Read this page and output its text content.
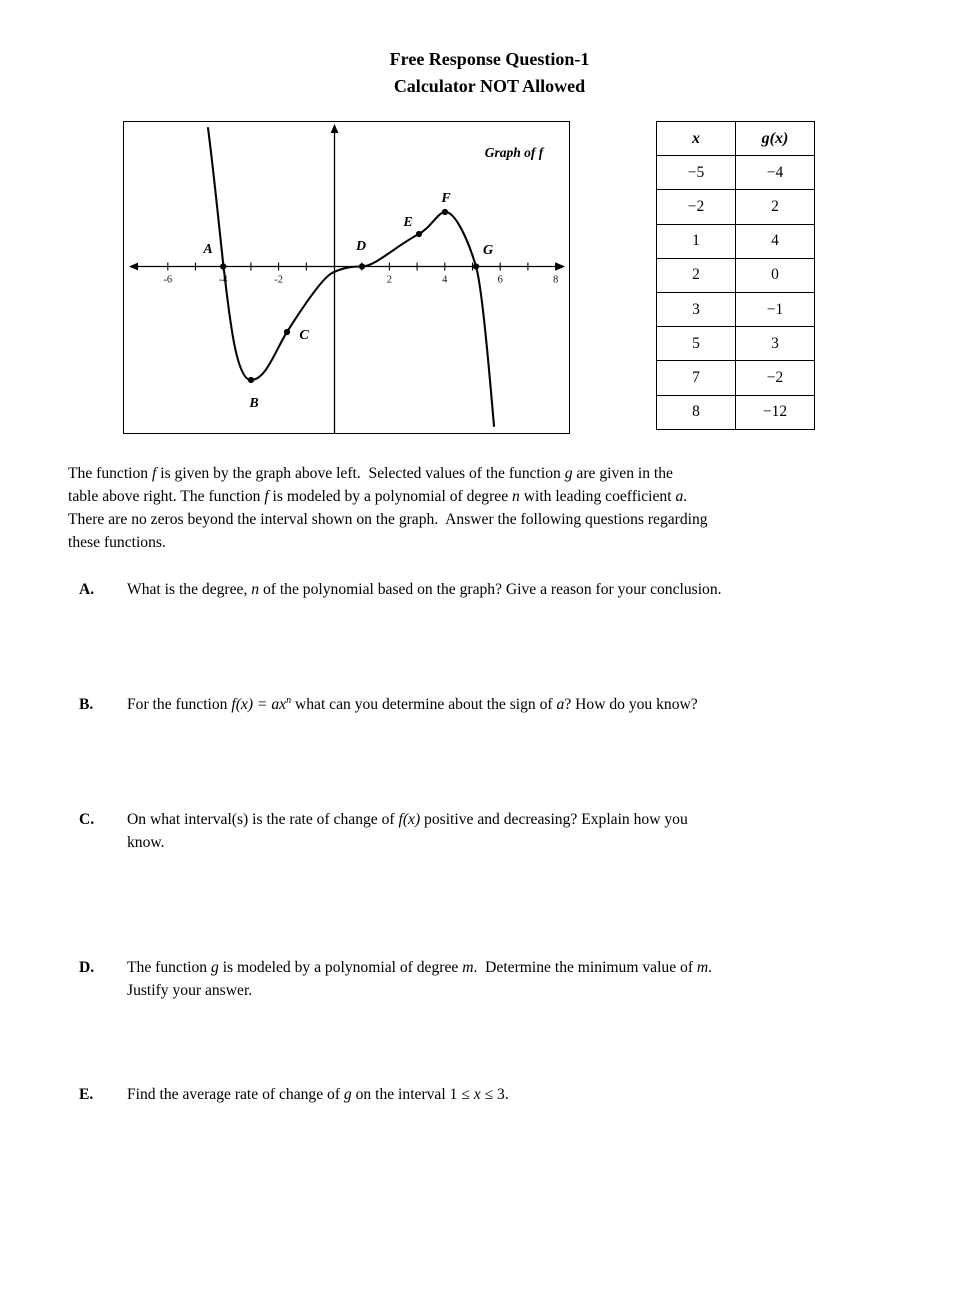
Free Response Question-1
Calculator NOT Allowed
-6	-4	-2	2	4	6	8
A
B
C
D
E
F
G
Graph of f
x	g(x)
−5	−4
−2	2
1	4
2	0
3	−1
5	3
7	−2
8	−12
The function f is given by the graph above left.  Selected values of the function g are given in the
table above right. The function f is modeled by a polynomial of degree n with leading coefficient a.
There are no zeros beyond the interval shown on the graph.  Answer the following questions regarding
these functions.
A.	What is the degree, n of the polynomial based on the graph? Give a reason for your conclusion.
B.	For the function $f(x) = ax^n$ what can you determine about the sign of a? How do you know?
C.	On what interval(s) is the rate of change of f(x) positive and decreasing? Explain how you
know.
D.	The function g is modeled by a polynomial of degree m.  Determine the minimum value of m.
Justify your answer.
E.	Find the average rate of change of g on the interval 1 ≤ x ≤ 3.
